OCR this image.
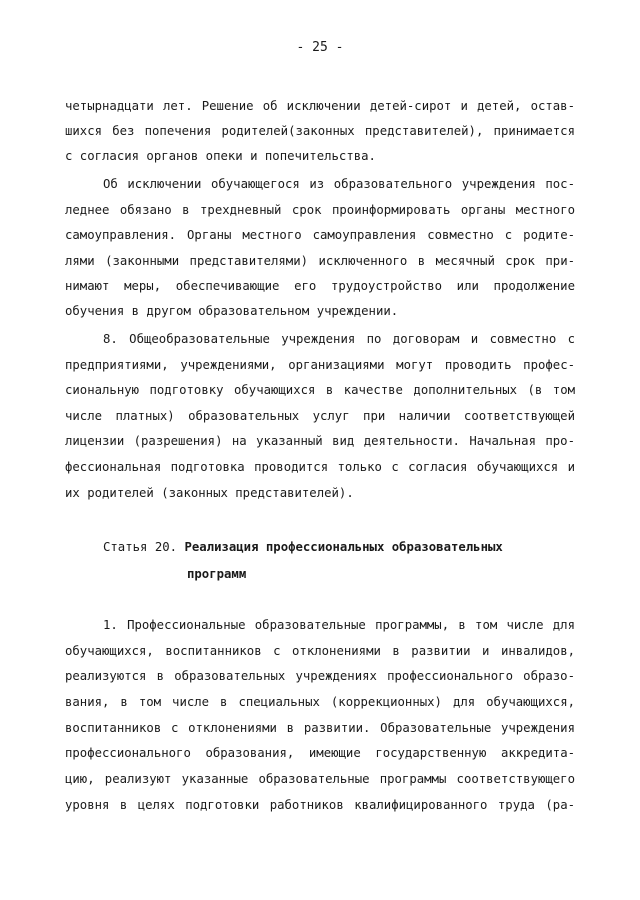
- 25 -
четырнадцати лет. Решение об исключении детей-сирот и детей, остав-
шихся без попечения родителей(законных представителей), принимается
с согласия органов опеки и попечительства.
Об исключении обучающегося из образовательного учреждения пос-
леднее обязано в трехдневный срок проинформировать органы местного
самоуправления. Органы местного самоуправления совместно с родите-
лями (законными представителями) исключенного в месячный срок при-
нимают меры, обеспечивающие его трудоустройство или продолжение
обучения в другом образовательном учреждении.
8. Общеобразовательные учреждения по договорам и совместно с
предприятиями, учреждениями, организациями могут проводить профес-
сиональную подготовку обучающихся в качестве дополнительных (в том
числе платных) образовательных услуг при наличии соответствующей
лицензии (разрешения) на указанный вид деятельности. Начальная про-
фессиональная подготовка проводится только с согласия обучающихся и
их родителей (законных представителей).
Статья 20. Реализация профессиональных образовательных
программ
1. Профессиональные образовательные программы, в том числе для
обучающихся, воспитанников с отклонениями в развитии и инвалидов,
реализуются в образовательных учреждениях профессионального образо-
вания, в том числе в специальных (коррекционных) для обучающихся,
воспитанников с отклонениями в развитии. Образовательные учреждения
профессионального образования, имеющие государственную аккредита-
цию, реализуют указанные образовательные программы соответствующего
уровня в целях подготовки работников квалифицированного труда (ра-
